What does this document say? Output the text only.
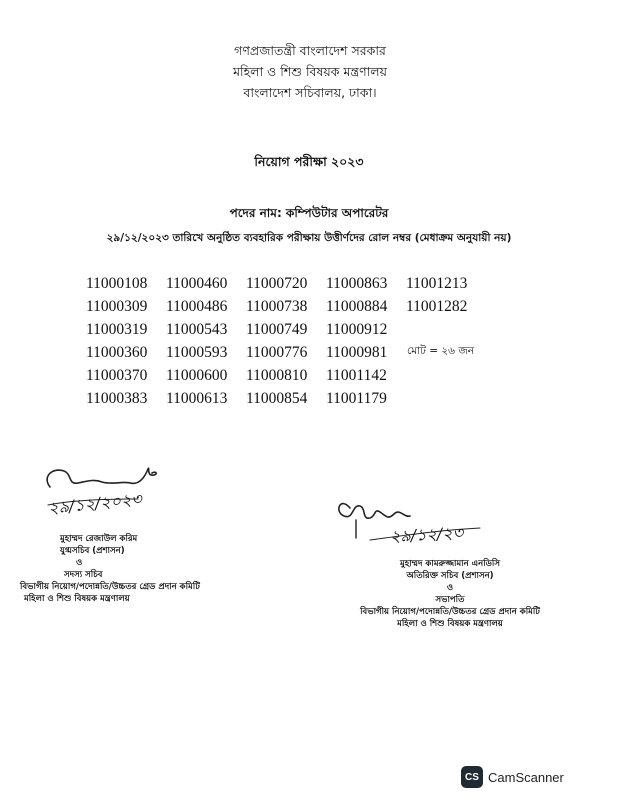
গণপ্রজাতন্ত্রী বাংলাদেশ সরকার
মহিলা ও শিশু বিষয়ক মন্ত্রণালয়
বাংলাদেশ সচিবালয়, ঢাকা।
নিয়োগ পরীক্ষা ২০২৩
পদের নাম: কম্পিউটার অপারেটর
২৯/১২/২০২৩ তারিখে অনুষ্ঠিত ব্যবহারিক পরীক্ষায় উত্তীর্ণদের রোল নম্বর (মেধাক্রম অনুযায়ী নয়)
11000108	11000460	11000720	11000863	11001213
11000309	11000486	11000738	11000884	11001282
11000319	11000543	11000749	11000912
11000360	11000593	11000776	11000981
11000370	11000600	11000810	11001142
11000383	11000613	11000854	11001179
মোট = ২৬ জন
২৯/১২/২০২৩
মুহাম্মদ রেজাউল করিম
যুগ্মসচিব (প্রশাসন)
ও
সদস্য সচিব
বিভাগীয় নিয়োগ/পদোন্নতি/উচ্চতর গ্রেড প্রদান কমিটি
মহিলা ও শিশু বিষয়ক মন্ত্রণালয়
২৯/১২/২৩
মুহাম্মদ কামরুজ্জামান এনডিসি
অতিরিক্ত সচিব (প্রশাসন)
ও
সভাপতি
বিভাগীয় নিয়োগ/পদোন্নতি/উচ্চতর গ্রেড প্রদান কমিটি
মহিলা ও শিশু বিষয়ক মন্ত্রণালয়
CS CamScanner
